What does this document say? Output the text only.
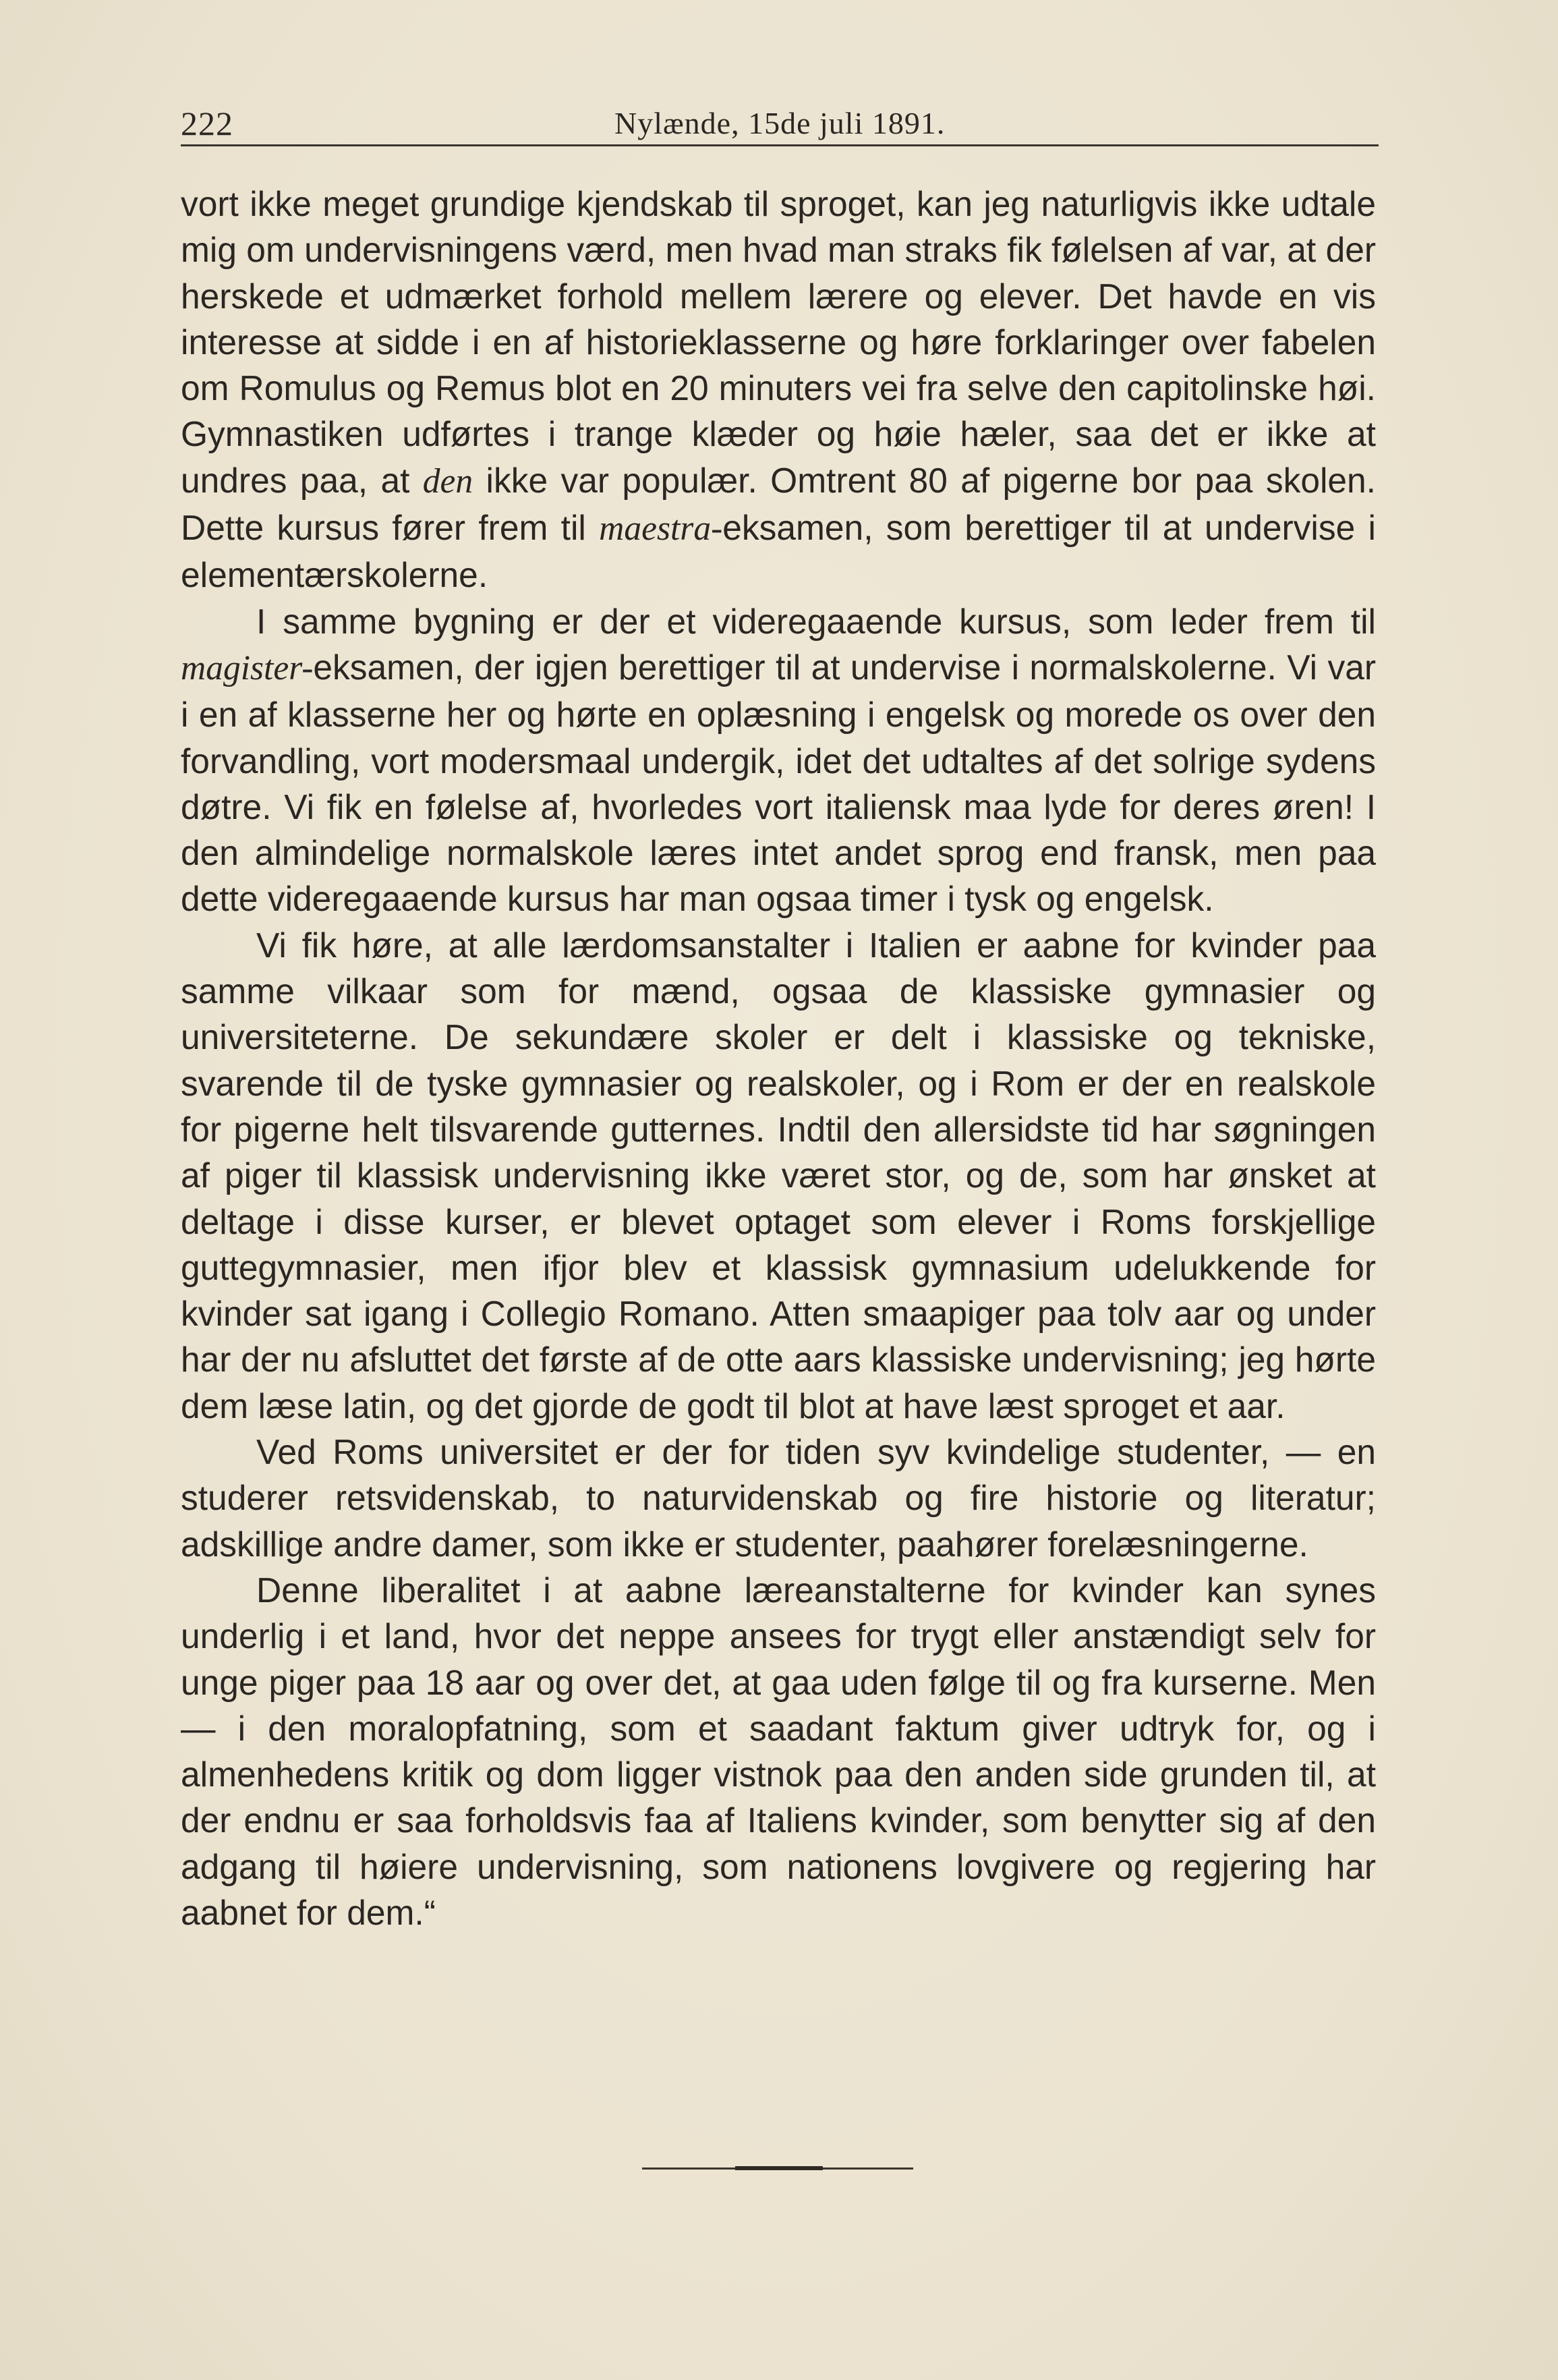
222	Nylænde, 15de juli 1891.

vort ikke meget grundige kjendskab til sproget, kan jeg naturligvis ikke udtale mig om undervisningens værd, men hvad man straks fik følelsen af var, at der herskede et udmærket forhold mellem lærere og elever. Det havde en vis interesse at sidde i en af historieklasserne og høre forklaringer over fabelen om Romulus og Remus blot en 20 minuters vei fra selve den capitolinske høi. Gymnastiken udførtes i trange klæder og høie hæler, saa det er ikke at undres paa, at den ikke var populær. Omtrent 80 af pigerne bor paa skolen. Dette kursus fører frem til maestra-eksamen, som berettiger til at undervise i elementærskolerne.

I samme bygning er der et videregaaende kursus, som leder frem til magister-eksamen, der igjen berettiger til at undervise i normalskolerne. Vi var i en af klasserne her og hørte en oplæsning i engelsk og morede os over den forvandling, vort modersmaal undergik, idet det udtaltes af det solrige sydens døtre. Vi fik en følelse af, hvorledes vort italiensk maa lyde for deres øren! I den almindelige normalskole læres intet andet sprog end fransk, men paa dette videregaaende kursus har man ogsaa timer i tysk og engelsk.

Vi fik høre, at alle lærdomsanstalter i Italien er aabne for kvinder paa samme vilkaar som for mænd, ogsaa de klassiske gymnasier og universiteterne. De sekundære skoler er delt i klassiske og tekniske, svarende til de tyske gymnasier og realskoler, og i Rom er der en realskole for pigerne helt tilsvarende gutternes. Indtil den allersidste tid har søgningen af piger til klassisk undervisning ikke været stor, og de, som har ønsket at deltage i disse kurser, er blevet optaget som elever i Roms forskjellige guttegymnasier, men ifjor blev et klassisk gymnasium udelukkende for kvinder sat igang i Collegio Romano. Atten smaapiger paa tolv aar og under har der nu afsluttet det første af de otte aars klassiske undervisning; jeg hørte dem læse latin, og det gjorde de godt til blot at have læst sproget et aar.

Ved Roms universitet er der for tiden syv kvindelige studenter, — en studerer retsvidenskab, to naturvidenskab og fire historie og literatur; adskillige andre damer, som ikke er studenter, paahører forelæsningerne.

Denne liberalitet i at aabne læreanstalterne for kvinder kan synes underlig i et land, hvor det neppe ansees for trygt eller anstændigt selv for unge piger paa 18 aar og over det, at gaa uden følge til og fra kurserne. Men — i den moralopfatning, som et saadant faktum giver udtryk for, og i almenhedens kritik og dom ligger vistnok paa den anden side grunden til, at der endnu er saa forholdsvis faa af Italiens kvinder, som benytter sig af den adgang til høiere undervisning, som nationens lovgivere og regjering har aabnet for dem.“
